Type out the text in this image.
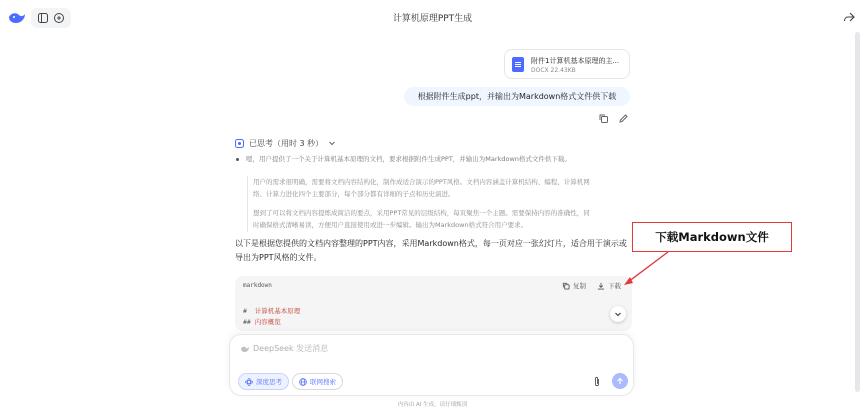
计算机原理PPT生成
附件1计算机基本原理的主...
DOCX 22.43KB
根据附件生成ppt，并输出为Markdown格式文件供下载
已思考（用时 3 秒）
嗯，用户提供了一个关于计算机基本原理的文档，要求根据附件生成PPT，并输出为Markdown格式文件供下载。
用户的需求很明确，需要将文档内容结构化，制作成适合演示的PPT风格。文档内容涵盖计算机结构、编程、计算机网
络、计算力进化四个主要部分，每个部分都有详细的子点和历史演进。
想到了可以将文档内容提炼成简洁的要点，采用PPT常见的层级结构，每页聚焦一个主题。需要保持内容的准确性，同
时确保格式清晰易读，方便用户直接使用或进一步编辑。输出为Markdown格式符合用户要求。
以下是根据您提供的文档内容整理的PPT内容，采用Markdown格式，每一页对应一张幻灯片，适合用于演示或导出为PPT风格的文件。
markdown	复制	下载
# 计算机基本原理
## 内容概览
下载Markdown文件
DeepSeek 发送消息
深度思考	联网搜索
内容由 AI 生成，请仔细甄别
